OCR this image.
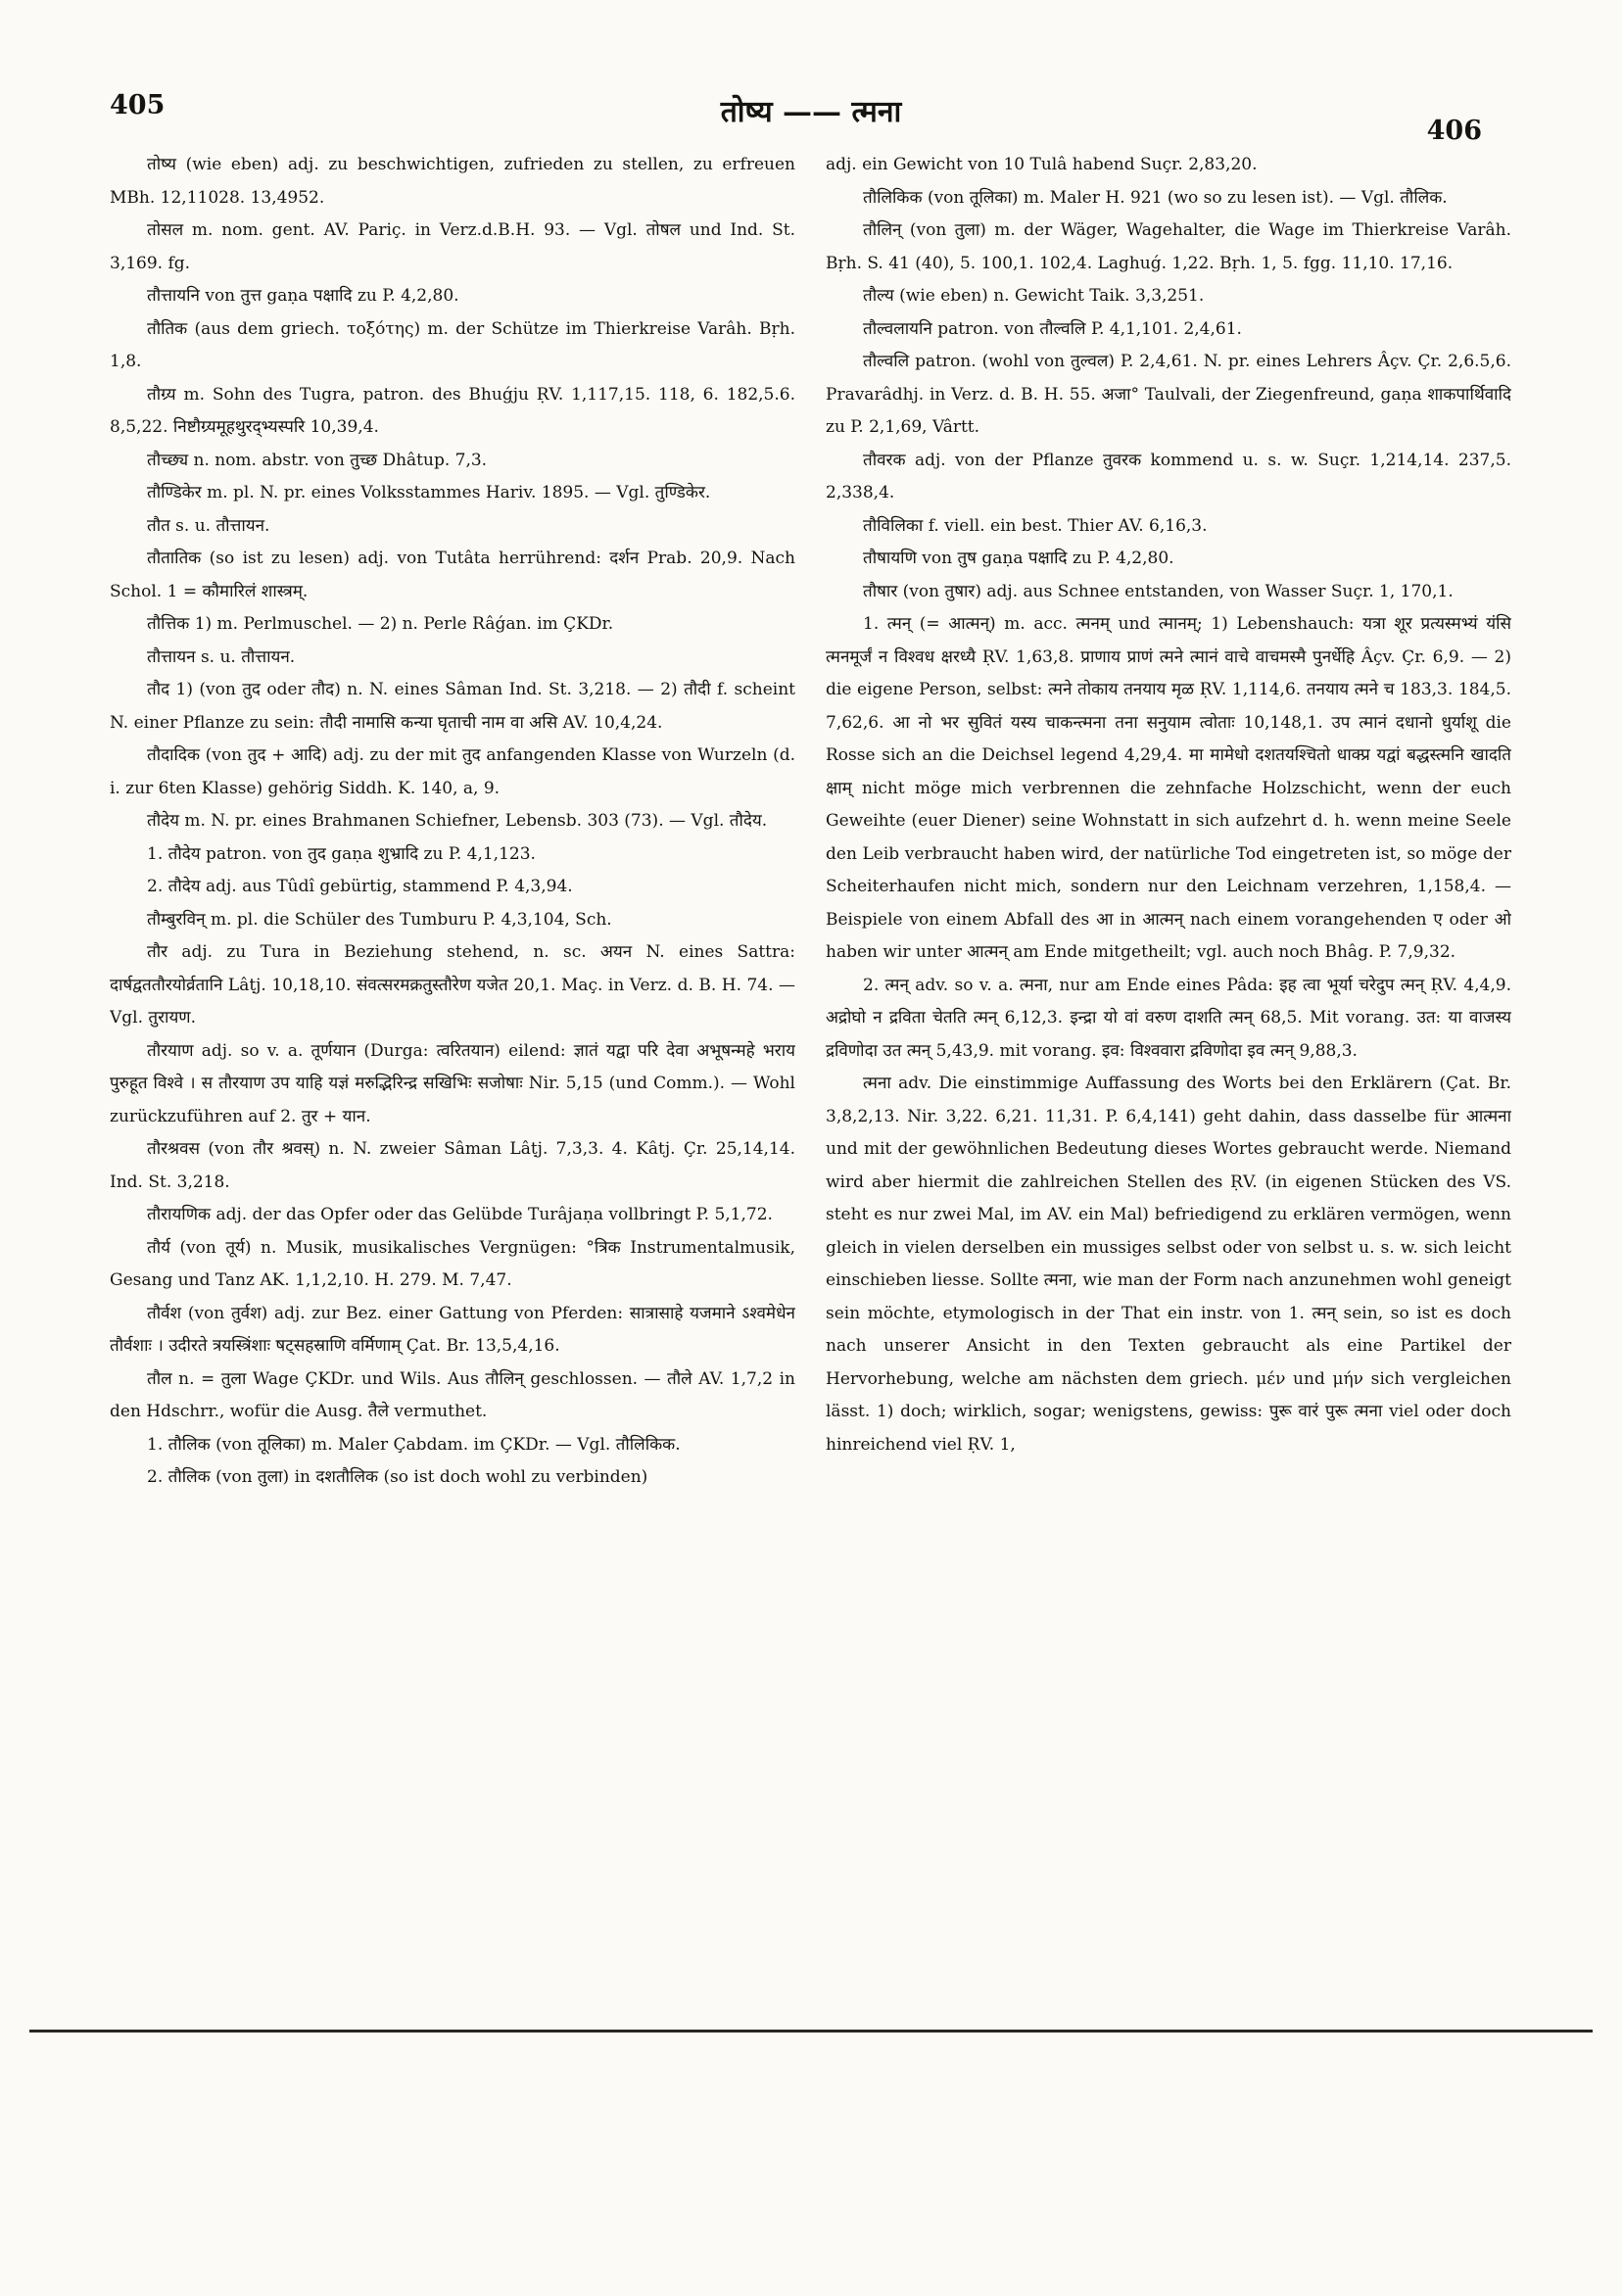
405	तोष्य —— त्मना
406

तोष्य (wie eben) adj. zu beschwichtigen, zufrieden zu stellen, zu erfreuen MBh. 12,11028. 13,4952.

तोसल m. nom. gent. AV. Pariç. in Verz.d.B.H. 93. — Vgl. तोषल und Ind. St. 3,169. fg.

तौत्तायनि von तुत्त gaṇa पक्षादि zu P. 4,2,80.

तौतिक (aus dem griech. τοξότης) m. der Schütze im Thierkreise Varâh. Bṛh. 1,8.

तौग्र्य m. Sohn des Tugra, patron. des Bhuǵju ṚV. 1,117,15. 118, 6. 182,5.6. 8,5,22. निष्टौग्र्यमूहथुरद्भ्यस्परि 10,39,4.

तौच्छ्य n. nom. abstr. von तुच्छ Dhâtup. 7,3.

तौण्डिकेर m. pl. N. pr. eines Volksstammes Hariv. 1895. — Vgl. तुण्डिकेर.

तौत s. u. तौत्तायन.

तौतातिक (so ist zu lesen) adj. von Tutâta herrührend: दर्शन Prab. 20,9. Nach Schol. 1 = कौमारिलं शास्त्रम्.

तौत्तिक 1) m. Perlmuschel. — 2) n. Perle Râǵan. im ÇKDr.

तौत्तायन s. u. तौत्तायन.

तौद 1) (von तुद oder तौद) n. N. eines Sâman Ind. St. 3,218. — 2) तौदी f. scheint N. einer Pflanze zu sein: तौदी नामासि कन्या घृताची नाम वा असि AV. 10,4,24.

तौदादिक (von तुद + आदि) adj. zu der mit तुद anfangenden Klasse von Wurzeln (d. i. zur 6ten Klasse) gehörig Siddh. K. 140, a, 9.

तौदेय m. N. pr. eines Brahmanen Schiefner, Lebensb. 303 (73). — Vgl. तौदेय.

1. तौदेय patron. von तुद gaṇa शुभ्रादि zu P. 4,1,123.

2. तौदेय adj. aus Tûdî gebürtig, stammend P. 4,3,94.

तौम्बुरविन् m. pl. die Schüler des Tumburu P. 4,3,104, Sch.

तौर adj. zu Tura in Beziehung stehend, n. sc. अयन N. eines Sattra: दार्षद्वततौरयोर्व्रतानि Lâṭj. 10,18,10. संवत्सरमक्रतुस्तौरेण यजेत 20,1. Maç. in Verz. d. B. H. 74. — Vgl. तुरायण.

तौरयाण adj. so v. a. तूर्णयान (Durga: त्वरितयान) eilend: ज्ञातं यद्वा परि देवा अभूषन्महे भराय पुरुहूत विश्वे । स तौरयाण उप याहि यज्ञं मरुद्भिरिन्द्र सखिभिः सजोषाः Nir. 5,15 (und Comm.). — Wohl zurückzuführen auf 2. तुर + यान.

तौरश्रवस (von तौर श्रवस्) n. N. zweier Sâman Lâṭj. 7,3,3. 4. Kâtj. Çr. 25,14,14. Ind. St. 3,218.

तौरायणिक adj. der das Opfer oder das Gelübde Turâjaṇa vollbringt P. 5,1,72.

तौर्य (von तूर्य) n. Musik, musikalisches Vergnügen: °त्रिक Instrumentalmusik, Gesang und Tanz AK. 1,1,2,10. H. 279. M. 7,47.

तौर्वश (von तुर्वश) adj. zur Bez. einer Gattung von Pferden: सात्रासाहे यजमाने ऽश्वमेधेन तौर्वशाः । उदीरते त्रयस्त्रिंशाः षट्सहस्राणि वर्मिणाम् Çat. Br. 13,5,4,16.

तौल n. = तुला Wage ÇKDr. und Wils. Aus तौलिन् geschlossen. — तौले AV. 1,7,2 in den Hdschrr., wofür die Ausg. तैले vermuthet.

1. तौलिक (von तूलिका) m. Maler Çabdam. im ÇKDr. — Vgl. तौलिकिक.

2. तौलिक (von तुला) in दशतौलिक (so ist doch wohl zu verbinden)

adj. ein Gewicht von 10 Tulâ habend Suçr. 2,83,20.

तौलिकिक (von तूलिका) m. Maler H. 921 (wo so zu lesen ist). — Vgl. तौलिक.

तौलिन् (von तुला) m. der Wäger, Wagehalter, die Wage im Thierkreise Varâh. Bṛh. S. 41 (40), 5. 100,1. 102,4. Laghuǵ. 1,22. Bṛh. 1, 5. fgg. 11,10. 17,16.

तौल्य (wie eben) n. Gewicht Taik. 3,3,251.

तौल्वलायनि patron. von तौल्वलि P. 4,1,101. 2,4,61.

तौल्वलि patron. (wohl von तुल्वल) P. 2,4,61. N. pr. eines Lehrers Âçv. Çr. 2,6.5,6. Pravarâdhj. in Verz. d. B. H. 55. अजा° Taulvali, der Ziegenfreund, gaṇa शाकपार्थिवादि zu P. 2,1,69, Vârtt.

तौवरक adj. von der Pflanze तुवरक kommend u. s. w. Suçr. 1,214,14. 237,5. 2,338,4.

तौविलिका f. viell. ein best. Thier AV. 6,16,3.

तौषायणि von तुष gaṇa पक्षादि zu P. 4,2,80.

तौषार (von तुषार) adj. aus Schnee entstanden, von Wasser Suçr. 1, 170,1.

1. त्मन् (= आत्मन्) m. acc. त्मनम् und त्मानम्; 1) Lebenshauch: यत्रा शूर प्रत्यस्मभ्यं यंसि त्मनमूर्जं न विश्वध क्षरध्यै ṚV. 1,63,8. प्राणाय प्राणं त्मने त्मानं वाचे वाचमस्मै पुनर्धेहि Âçv. Çr. 6,9. — 2) die eigene Person, selbst: त्मने तोकाय तनयाय मृळ ṚV. 1,114,6. तनयाय त्मने च 183,3. 184,5. 7,62,6. आ नो भर सुवितं यस्य चाकन्त्मना तना सनुयाम त्वोताः 10,148,1. उप त्मानं दधानो धुर्याशू die Rosse sich an die Deichsel legend 4,29,4. मा मामेधो दशतयश्चितो धाक्प्र यद्वां बद्धस्त्मनि खादति क्षाम् nicht möge mich verbrennen die zehnfache Holzschicht, wenn der euch Geweihte (euer Diener) seine Wohnstatt in sich aufzehrt d. h. wenn meine Seele den Leib verbraucht haben wird, der natürliche Tod eingetreten ist, so möge der Scheiterhaufen nicht mich, sondern nur den Leichnam verzehren, 1,158,4. — Beispiele von einem Abfall des आ in आत्मन् nach einem vorangehenden ए oder ओ haben wir unter आत्मन् am Ende mitgetheilt; vgl. auch noch Bhâg. P. 7,9,32.

2. त्मन् adv. so v. a. त्मना, nur am Ende eines Pâda: इह त्वा भूर्या चरेदुप त्मन् ṚV. 4,4,9. अद्रोघो न द्रविता चेतति त्मन् 6,12,3. इन्द्रा यो वां वरुण दाशति त्मन् 68,5. Mit vorang. उत: या वाजस्य द्रविणोदा उत त्मन् 5,43,9. mit vorang. इव: विश्ववारा द्रविणोदा इव त्मन् 9,88,3.

त्मना adv. Die einstimmige Auffassung des Worts bei den Erklärern (Çat. Br. 3,8,2,13. Nir. 3,22. 6,21. 11,31. P. 6,4,141) geht dahin, dass dasselbe für आत्मना und mit der gewöhnlichen Bedeutung dieses Wortes gebraucht werde. Niemand wird aber hiermit die zahlreichen Stellen des ṚV. (in eigenen Stücken des VS. steht es nur zwei Mal, im AV. ein Mal) befriedigend zu erklären vermögen, wenn gleich in vielen derselben ein mussiges selbst oder von selbst u. s. w. sich leicht einschieben liesse. Sollte त्मना, wie man der Form nach anzunehmen wohl geneigt sein möchte, etymologisch in der That ein instr. von 1. त्मन् sein, so ist es doch nach unserer Ansicht in den Texten gebraucht als eine Partikel der Hervorhebung, welche am nächsten dem griech. μέν und μήν sich vergleichen lässt. 1) doch; wirklich, sogar; wenigstens, gewiss: पुरू वारं पुरू त्मना viel oder doch hinreichend viel ṚV. 1,
